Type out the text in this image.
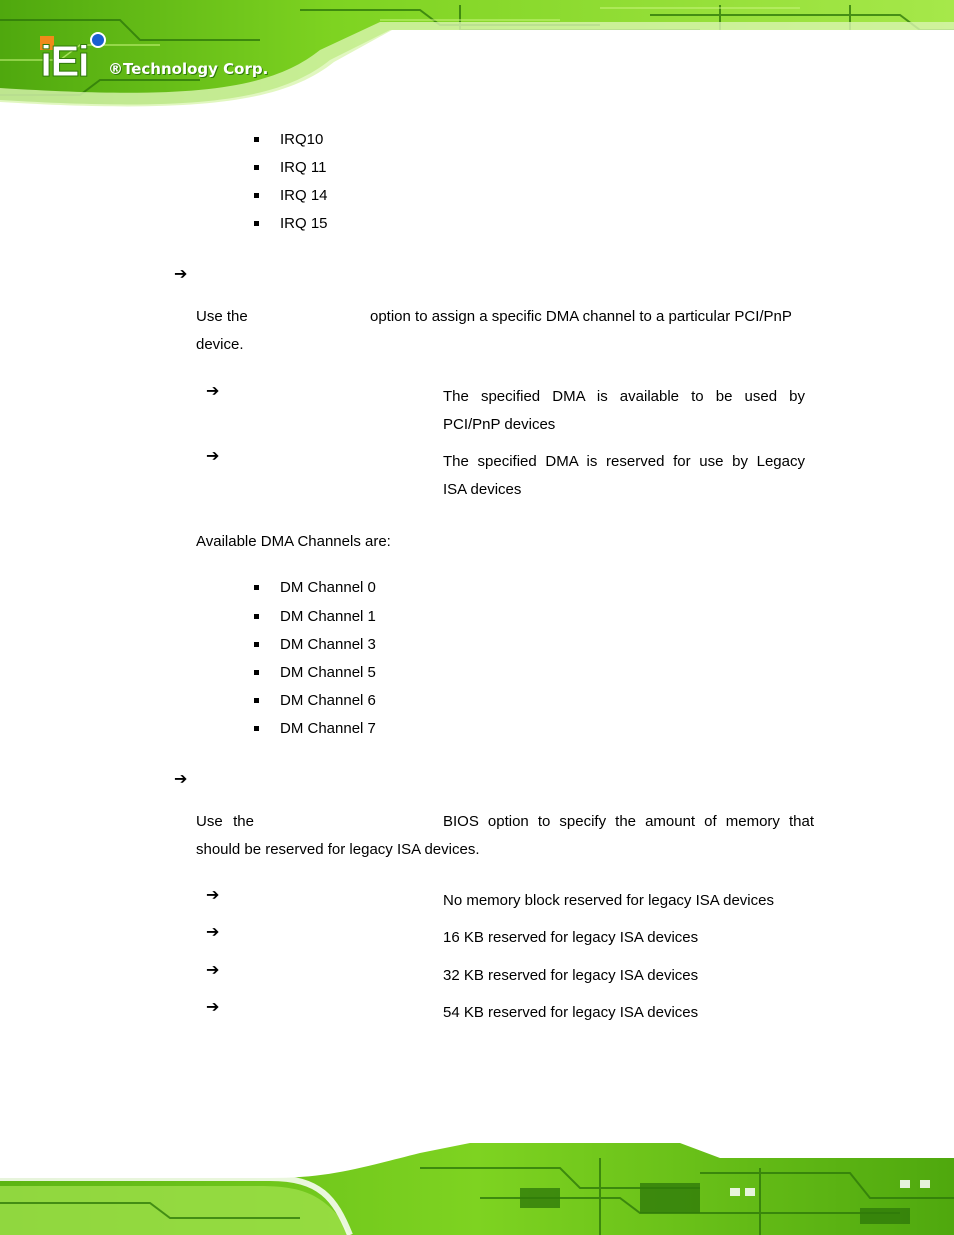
iEi ®Technology Corp.
IRQ10
IRQ 11
IRQ 14
IRQ 15
➔
Use the	option to assign a specific DMA channel to a particular PCI/PnP
device.
➔	The specified DMA is available to be used by
PCI/PnP devices
➔	The specified DMA is reserved for use by Legacy
ISA devices
Available DMA Channels are:
DM Channel 0
DM Channel 1
DM Channel 3
DM Channel 5
DM Channel 6
DM Channel 7
➔
Use the	BIOS option to specify the amount of memory that
should be reserved for legacy ISA devices.
➔	No memory block reserved for legacy ISA devices
➔	16 KB reserved for legacy ISA devices
➔	32 KB reserved for legacy ISA devices
➔	54 KB reserved for legacy ISA devices
